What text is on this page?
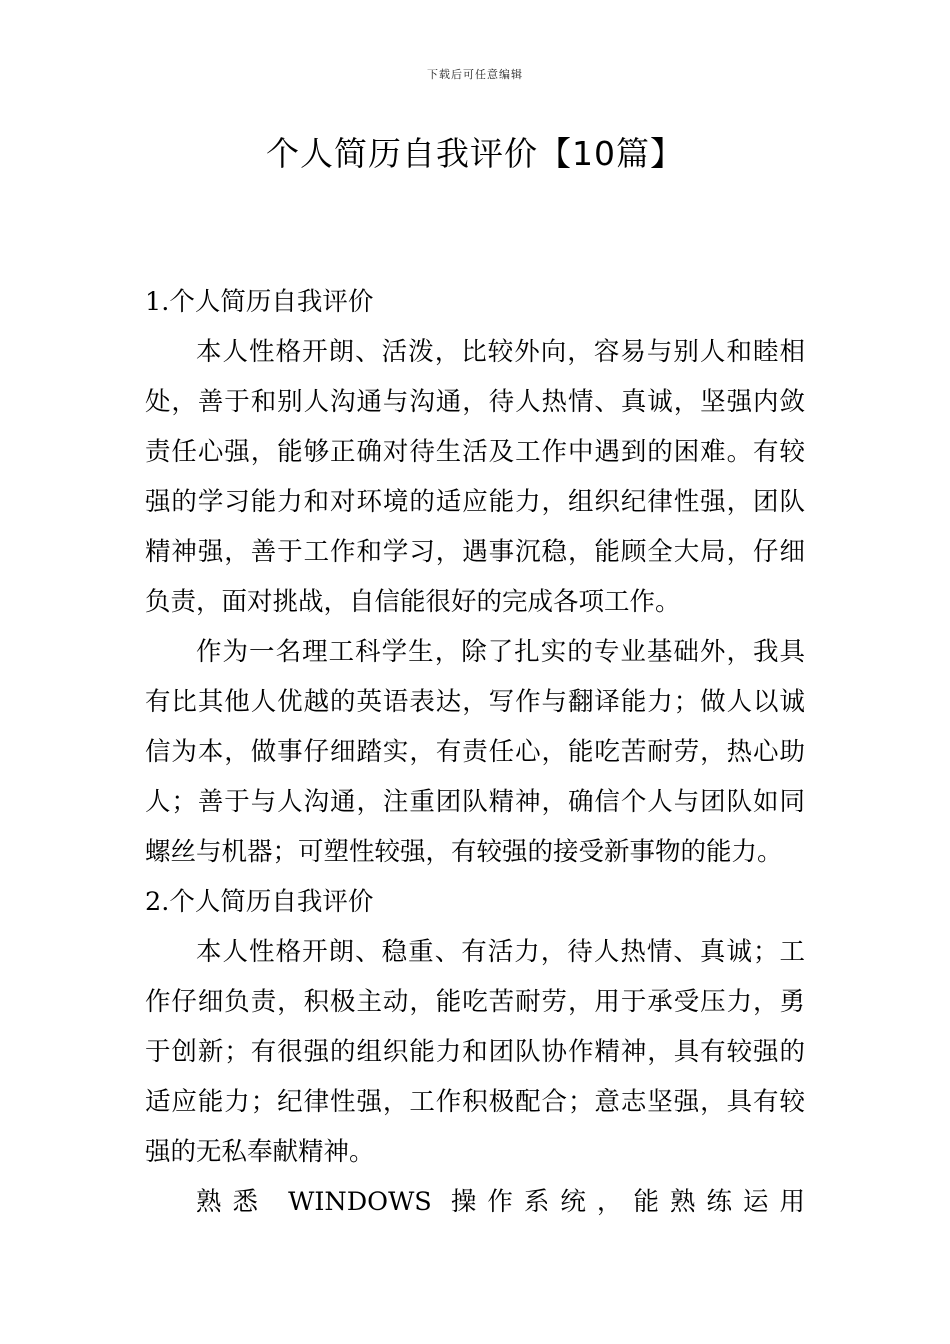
下载后可任意编辑
个人简历自我评价【10篇】
1.个人简历自我评价

本人性格开朗、活泼，比较外向，容易与别人和睦相处，善于和别人沟通与沟通，待人热情、真诚，坚强内敛责任心强，能够正确对待生活及工作中遇到的困难。有较强的学习能力和对环境的适应能力，组织纪律性强，团队精神强，善于工作和学习，遇事沉稳，能顾全大局，仔细负责，面对挑战，自信能很好的完成各项工作。

作为一名理工科学生，除了扎实的专业基础外，我具有比其他人优越的英语表达，写作与翻译能力；做人以诚信为本，做事仔细踏实，有责任心，能吃苦耐劳，热心助人；善于与人沟通，注重团队精神，确信个人与团队如同螺丝与机器；可塑性较强，有较强的接受新事物的能力。

2.个人简历自我评价

本人性格开朗、稳重、有活力，待人热情、真诚；工作仔细负责，积极主动，能吃苦耐劳，用于承受压力，勇于创新；有很强的组织能力和团队协作精神，具有较强的适应能力；纪律性强，工作积极配合；意志坚强，具有较强的无私奉献精神。

熟悉 WINDOWS 操作系统，能熟练运用
